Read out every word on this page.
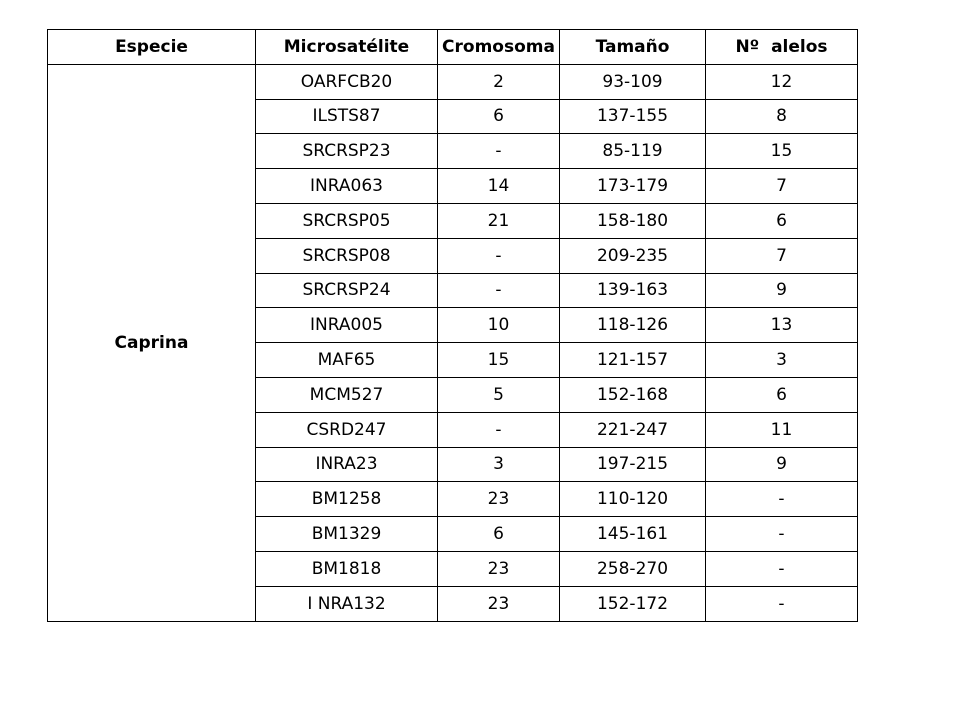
Especie	Microsatélite	Cromosoma	Tamaño	Nº  alelos
Caprina	OARFCB20	2	93-109	12
	ILSTS87	6	137-155	8
	SRCRSP23	-	85-119	15
	INRA063	14	173-179	7
	SRCRSP05	21	158-180	6
	SRCRSP08	-	209-235	7
	SRCRSP24	-	139-163	9
	INRA005	10	118-126	13
	MAF65	15	121-157	3
	MCM527	5	152-168	6
	CSRD247	-	221-247	11
	INRA23	3	197-215	9
	BM1258	23	110-120	-
	BM1329	6	145-161	-
	BM1818	23	258-270	-
	I NRA132	23	152-172	-
